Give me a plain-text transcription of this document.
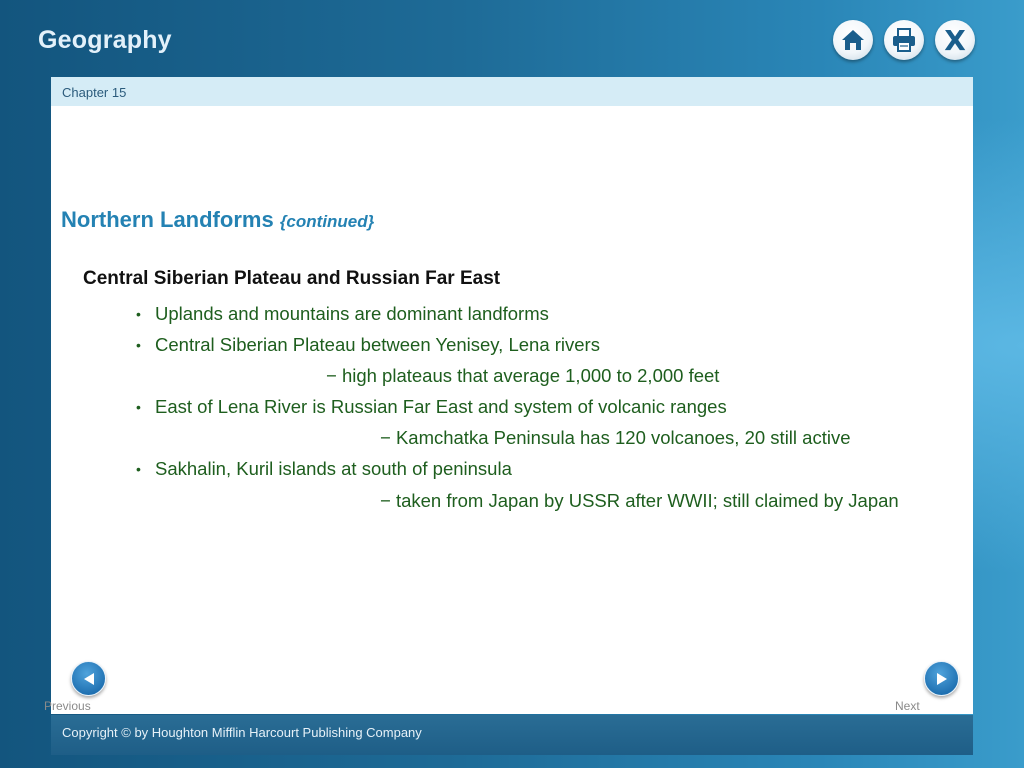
Geography	X
Chapter 15
Northern Landforms {continued}
Central Siberian Plateau and Russian Far East
• Uplands and mountains are dominant landforms
• Central Siberian Plateau between Yenisey, Lena rivers
− high plateaus that average 1,000 to 2,000 feet
• East of Lena River is Russian Far East and system of volcanic ranges
− Kamchatka Peninsula has 120 volcanoes, 20 still active
• Sakhalin, Kuril islands at south of peninsula
− taken from Japan by USSR after WWII; still claimed by Japan
Previous	Next
Copyright © by Houghton Mifflin Harcourt Publishing Company
